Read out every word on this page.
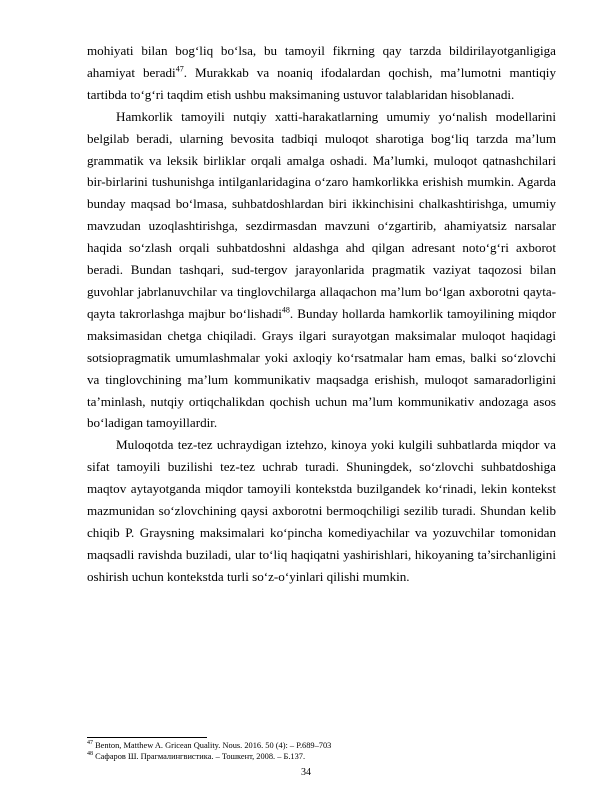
mohiyati bilan bog‘liq bo‘lsa, bu tamoyil fikrning qay tarzda bildirilayotganligiga ahamiyat beradi$^{47}$. Murakkab va noaniq ifodalardan qochish, ma’lumotni mantiqiy tartibda to‘g‘ri taqdim etish ushbu maksimaning ustuvor talablaridan hisoblanadi.

Hamkorlik tamoyili nutqiy xatti-harakatlarning umumiy yo‘nalish modellarini belgilab beradi, ularning bevosita tadbiqi muloqot sharotiga bog‘liq tarzda ma’lum grammatik va leksik birliklar orqali amalga oshadi. Ma’lumki, muloqot qatnashchilari bir-birlarini tushunishga intilganlaridagina o‘zaro hamkorlikka erishish mumkin. Agarda bunday maqsad bo‘lmasa, suhbatdoshlardan biri ikkinchisini chalkashtirishga, umumiy mavzudan uzoqlashtirishga, sezdirmasdan mavzuni o‘zgartirib, ahamiyatsiz narsalar haqida so‘zlash orqali suhbatdoshni aldashga ahd qilgan adresant noto‘g‘ri axborot beradi. Bundan tashqari, sud-tergov jarayonlarida pragmatik vaziyat taqozosi bilan guvohlar jabrlanuvchilar va tinglovchilarga allaqachon ma’lum bo‘lgan axborotni qayta-qayta takrorlashga majbur bo‘lishadi$^{48}$. Bunday hollarda hamkorlik tamoyilining miqdor maksimasidan chetga chiqiladi. Grays ilgari surayotgan maksimalar muloqot haqidagi sotsiopragmatik umumlashmalar yoki axloqiy ko‘rsatmalar ham emas, balki so‘zlovchi va tinglovchining ma’lum kommunikativ maqsadga erishish, muloqot samaradorligini ta’minlash, nutqiy ortiqchalikdan qochish uchun ma’lum kommunikativ andozaga asos bo‘ladigan tamoyillardir.

Muloqotda tez-tez uchraydigan iztehzo, kinoya yoki kulgili suhbatlarda miqdor va sifat tamoyili buzilishi tez-tez uchrab turadi. Shuningdek, so‘zlovchi suhbatdoshiga maqtov aytayotganda miqdor tamoyili kontekstda buzilgandek ko‘rinadi, lekin kontekst mazmunidan so‘zlovchining qaysi axborotni bermoqchiligi sezilib turadi. Shundan kelib chiqib P. Graysning maksimalari ko‘pincha komediyachilar va yozuvchilar tomonidan maqsadli ravishda buziladi, ular to‘liq haqiqatni yashirishlari, hikoyaning ta’sirchanligini oshirish uchun kontekstda turli so‘z-o‘yinlari qilishi mumkin.

$^{47}$ Benton, Matthew A. Gricean Quality. Nous. 2016. 50 (4): – P.689–703

$^{48}$ Сафаров Ш. Прагмалингвистика. – Тошкент, 2008. – Б.137.

34
